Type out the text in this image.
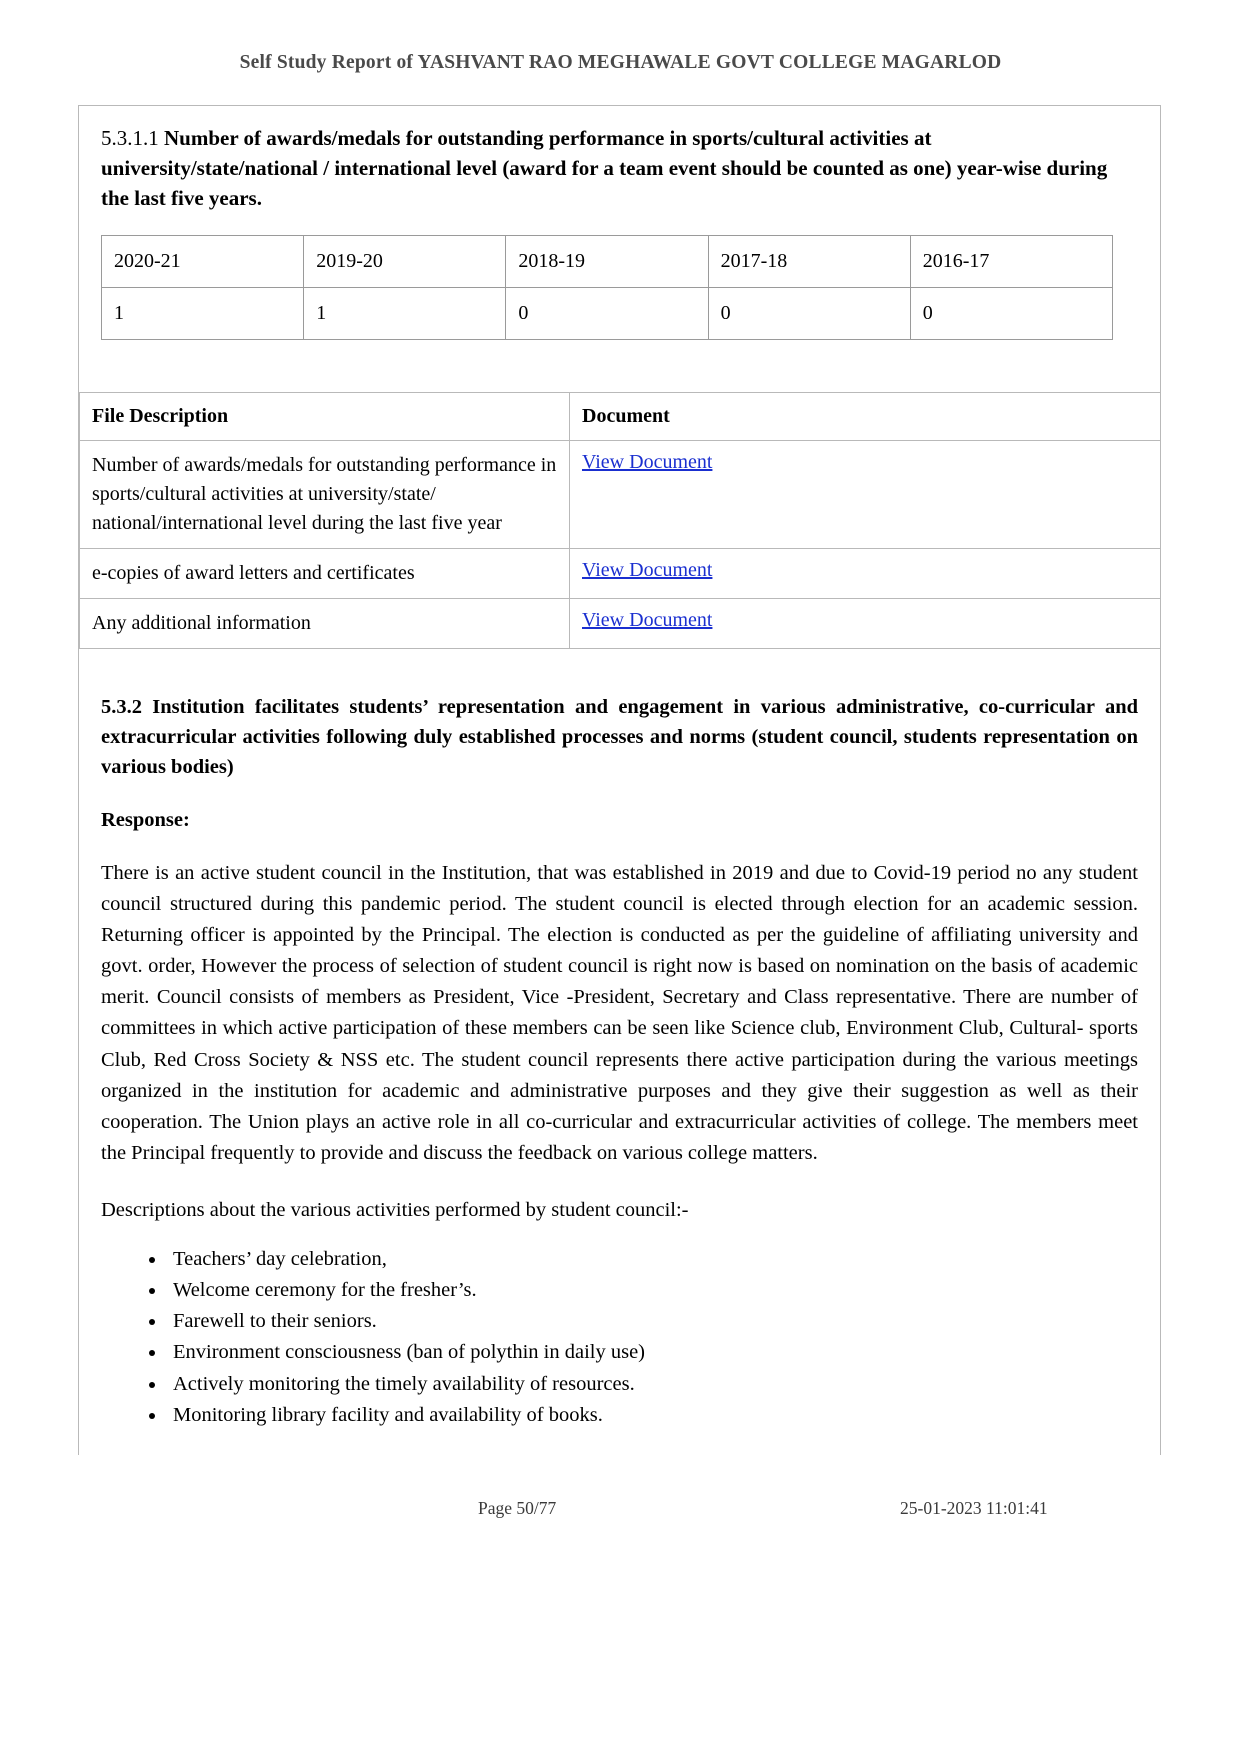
Self Study Report of YASHVANT RAO MEGHAWALE GOVT COLLEGE MAGARLOD
5.3.1.1 Number of awards/medals for outstanding performance in sports/cultural activities at university/state/national / international level (award for a team event should be counted as one) year-wise during the last five years.
2020-21	2019-20	2018-19	2017-18	2016-17
1	1	0	0	0
File Description	Document
Number of awards/medals for outstanding performance in sports/cultural activities at university/state/ national/international level during the last five year	View Document
e-copies of award letters and certificates	View Document
Any additional information	View Document
5.3.2 Institution facilitates students’ representation and engagement in various administrative, co-curricular and extracurricular activities following duly established processes and norms (student council, students representation on various bodies)
Response:
There is an active student council in the Institution, that was established in 2019 and due to Covid-19 period no any student council structured during this pandemic period. The student council is elected through election for an academic session. Returning officer is appointed by the Principal. The election is conducted as per the guideline of affiliating university and govt. order, However the process of selection of student council is right now is based on nomination on the basis of academic merit. Council consists of members as President, Vice -President, Secretary and Class representative. There are number of committees in which active participation of these members can be seen like Science club, Environment Club, Cultural- sports Club, Red Cross Society & NSS etc. The student council represents there active participation during the various meetings organized in the institution for academic and administrative purposes and they give their suggestion as well as their cooperation. The Union plays an active role in all co-curricular and extracurricular activities of college. The members meet the Principal frequently to provide and discuss the feedback on various college matters.
Descriptions about the various activities performed by student council:-
• Teachers’ day celebration,
• Welcome ceremony for the fresher’s.
• Farewell to their seniors.
• Environment consciousness (ban of polythin in daily use)
• Actively monitoring the timely availability of resources.
• Monitoring library facility and availability of books.
Page 50/77	25-01-2023 11:01:41
